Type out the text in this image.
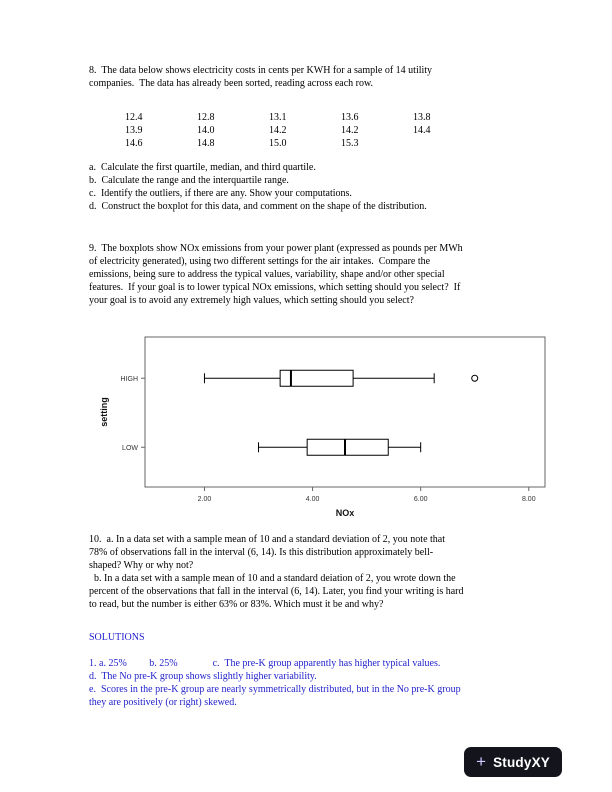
8.  The data below shows electricity costs in cents per KWH for a sample of 14 utility
companies.  The data has already been sorted, reading across each row.
12.4	12.8	13.1	13.6	13.8
13.9	14.0	14.2	14.2	14.4
14.6	14.8	15.0	15.3
a.  Calculate the first quartile, median, and third quartile.
b.  Calculate the range and the interquartile range.
c.  Identify the outliers, if there are any. Show your computations.
d.  Construct the boxplot for this data, and comment on the shape of the distribution.
9.  The boxplots show NOx emissions from your power plant (expressed as pounds per MWh
of electricity generated), using two different settings for the air intakes.  Compare the
emissions, being sure to address the typical values, variability, shape and/or other special
features.  If your goal is to lower typical NOx emissions, which setting should you select?  If
your goal is to avoid any extremely high values, which setting should you select?
2.00	4.00	6.00	8.00
NOx
setting
HIGH
LOW
10.  a. In a data set with a sample mean of 10 and a standard deviation of 2, you note that
78% of observations fall in the interval (6, 14). Is this distribution approximately bell-
shaped? Why or why not?
b. In a data set with a sample mean of 10 and a standard deiation of 2, you wrote down the
percent of the observations that fall in the interval (6, 14). Later, you find your writing is hard
to read, but the number is either 63% or 83%. Which must it be and why?
SOLUTIONS
1. a. 25%         b. 25%              c.  The pre-K group apparently has higher typical values.
d.  The No pre-K group shows slightly higher variability.
e.  Scores in the pre-K group are nearly symmetrically distributed, but in the No pre-K group
they are positively (or right) skewed.
+ StudyXY
